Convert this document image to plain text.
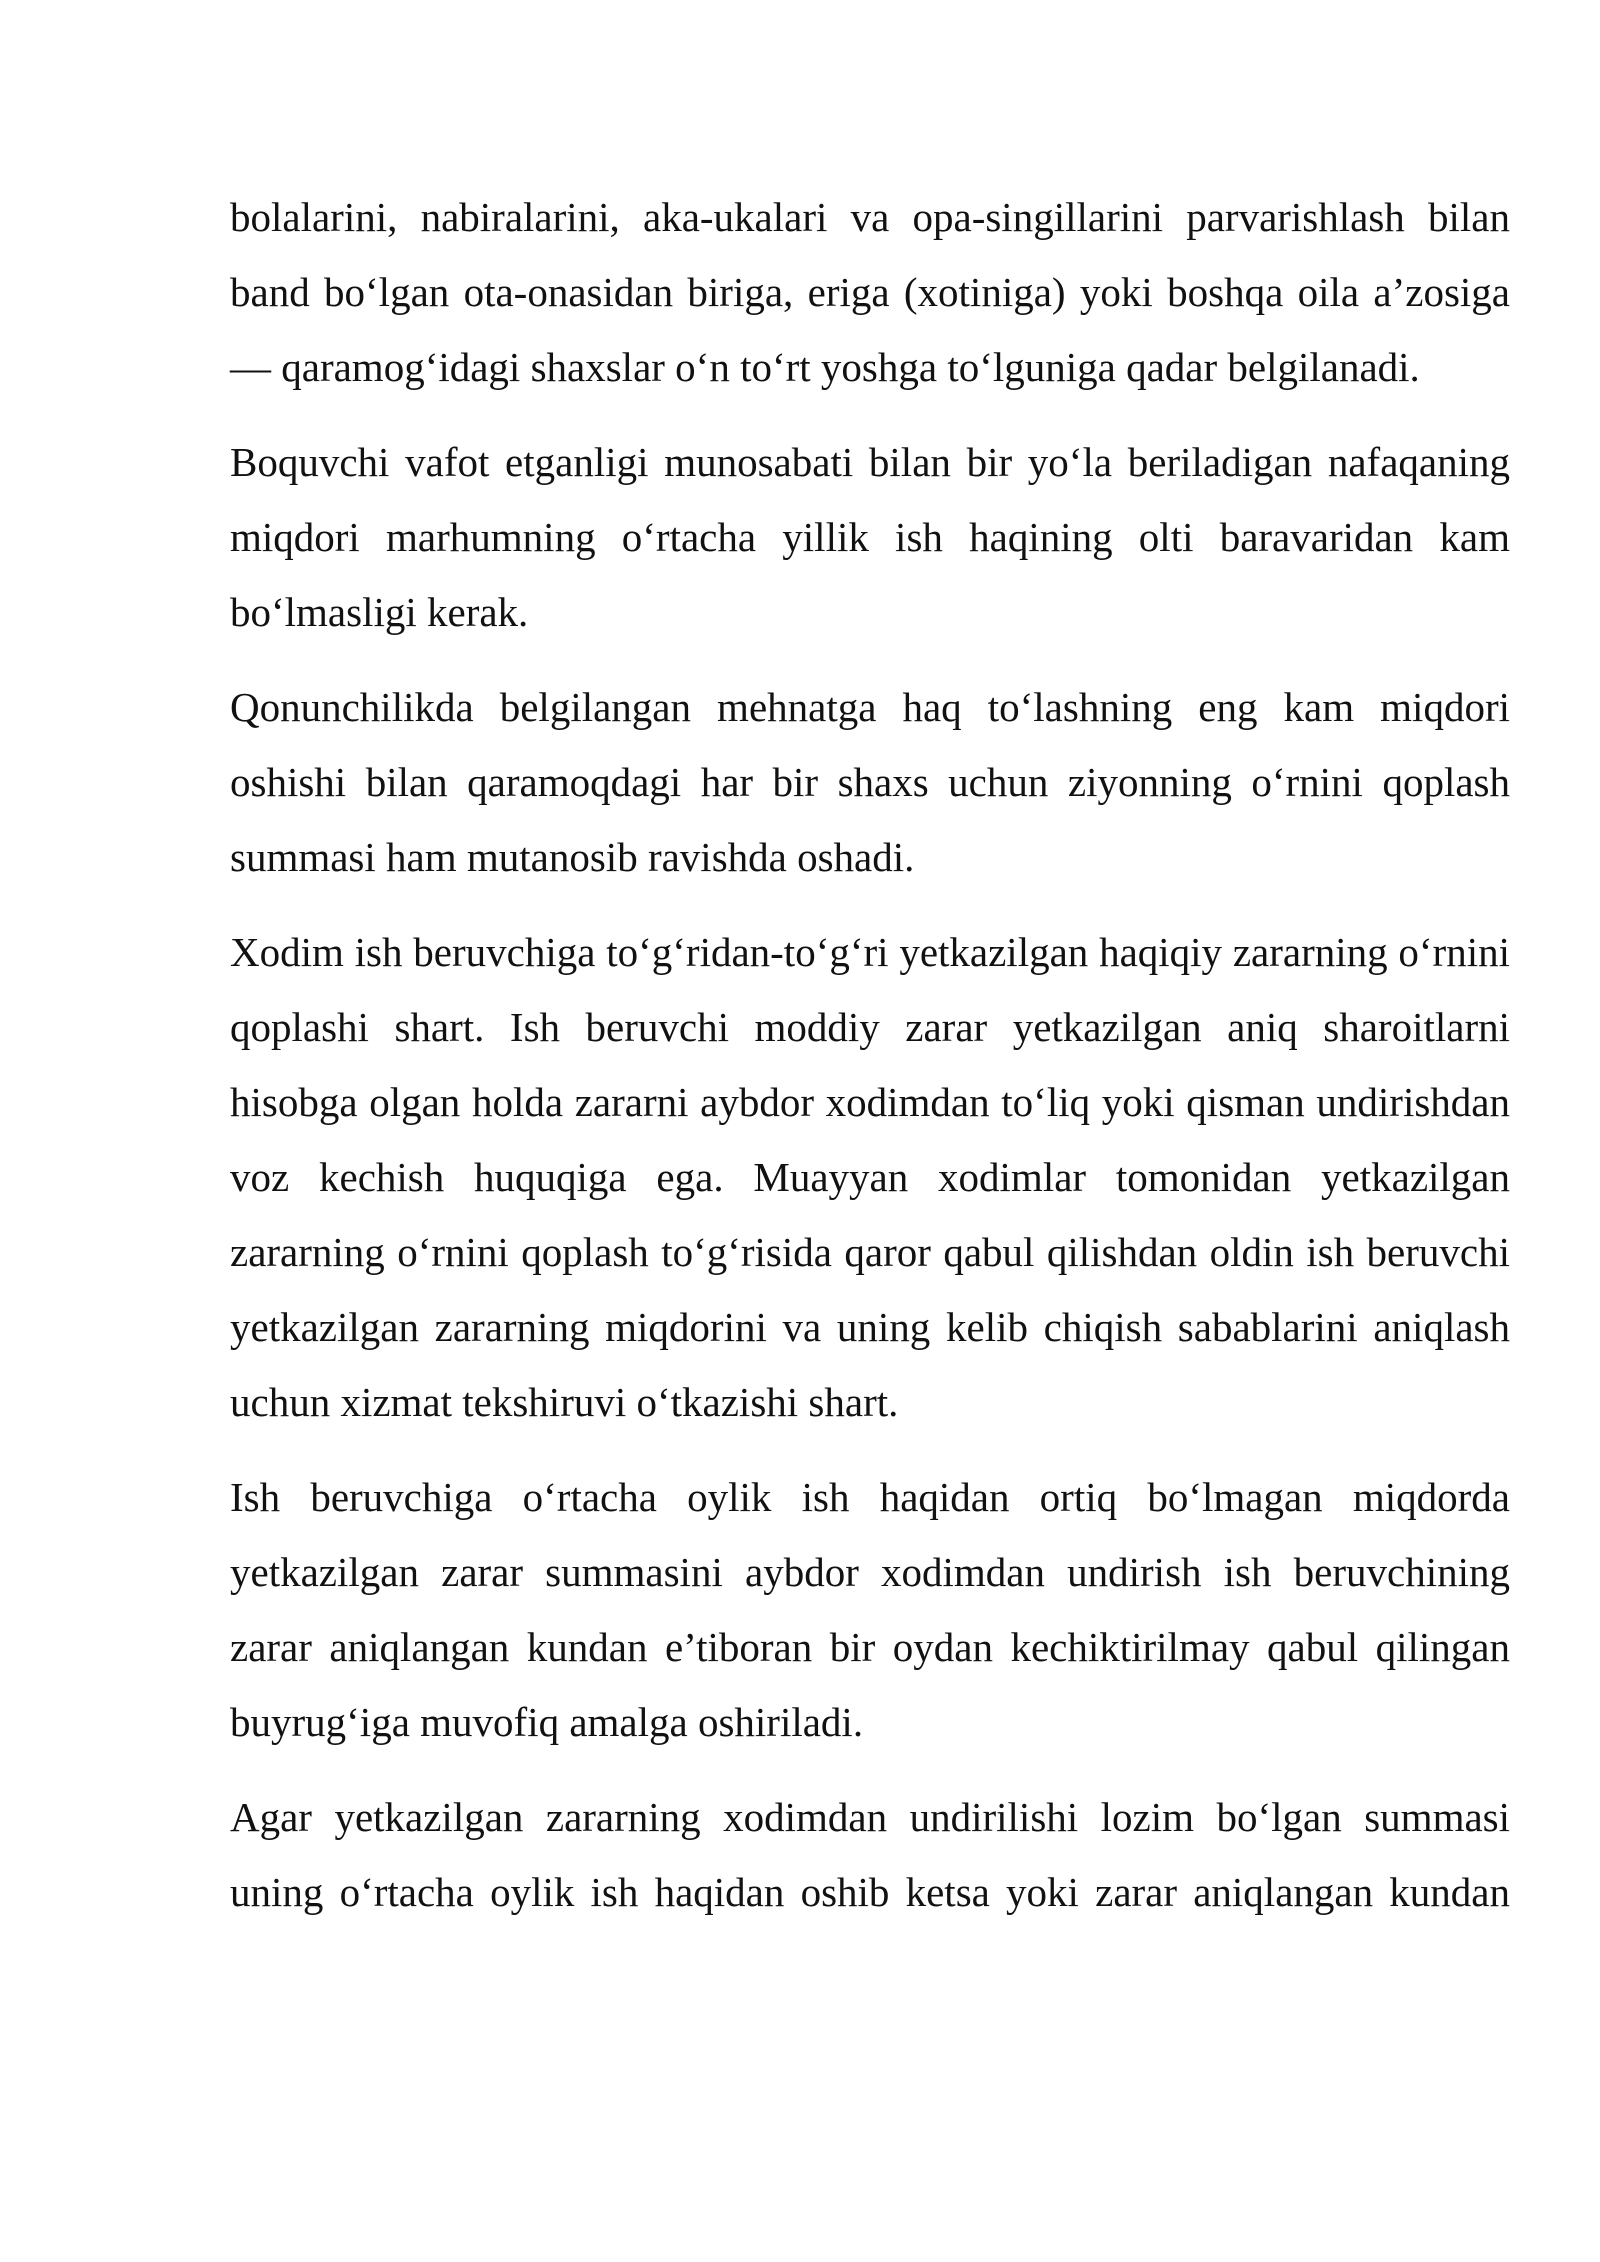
bolalarini, nabiralarini, aka-ukalari va opa-singillarini parvarishlash bilan band bo‘lgan ota-onasidan biriga, eriga (xotiniga) yoki boshqa oila a’zosiga — qaramog‘idagi shaxslar o‘n to‘rt yoshga to‘lguniga qadar belgilanadi.

Boquvchi vafot etganligi munosabati bilan bir yo‘la beriladigan nafaqaning miqdori marhumning o‘rtacha yillik ish haqining olti baravaridan kam bo‘lmasligi kerak.

Qonunchilikda belgilangan mehnatga haq to‘lashning eng kam miqdori oshishi bilan qaramoqdagi har bir shaxs uchun ziyonning o‘rnini qoplash summasi ham mutanosib ravishda oshadi.

Xodim ish beruvchiga to‘g‘ridan-to‘g‘ri yetkazilgan haqiqiy zararning o‘rnini qoplashi shart. Ish beruvchi moddiy zarar yetkazilgan aniq sharoitlarni hisobga olgan holda zararni aybdor xodimdan to‘liq yoki qisman undirishdan voz kechish huquqiga ega. Muayyan xodimlar tomonidan yetkazilgan zararning o‘rnini qoplash to‘g‘risida qaror qabul qilishdan oldin ish beruvchi yetkazilgan zararning miqdorini va uning kelib chiqish sabablarini aniqlash uchun xizmat tekshiruvi o‘tkazishi shart.

Ish beruvchiga o‘rtacha oylik ish haqidan ortiq bo‘lmagan miqdorda yetkazilgan zarar summasini aybdor xodimdan undirish ish beruvchining zarar aniqlangan kundan e’tiboran bir oydan kechiktirilmay qabul qilingan buyrug‘iga muvofiq amalga oshiriladi.

Agar yetkazilgan zararning xodimdan undirilishi lozim bo‘lgan summasi uning o‘rtacha oylik ish haqidan oshib ketsa yoki zarar aniqlangan kundan
